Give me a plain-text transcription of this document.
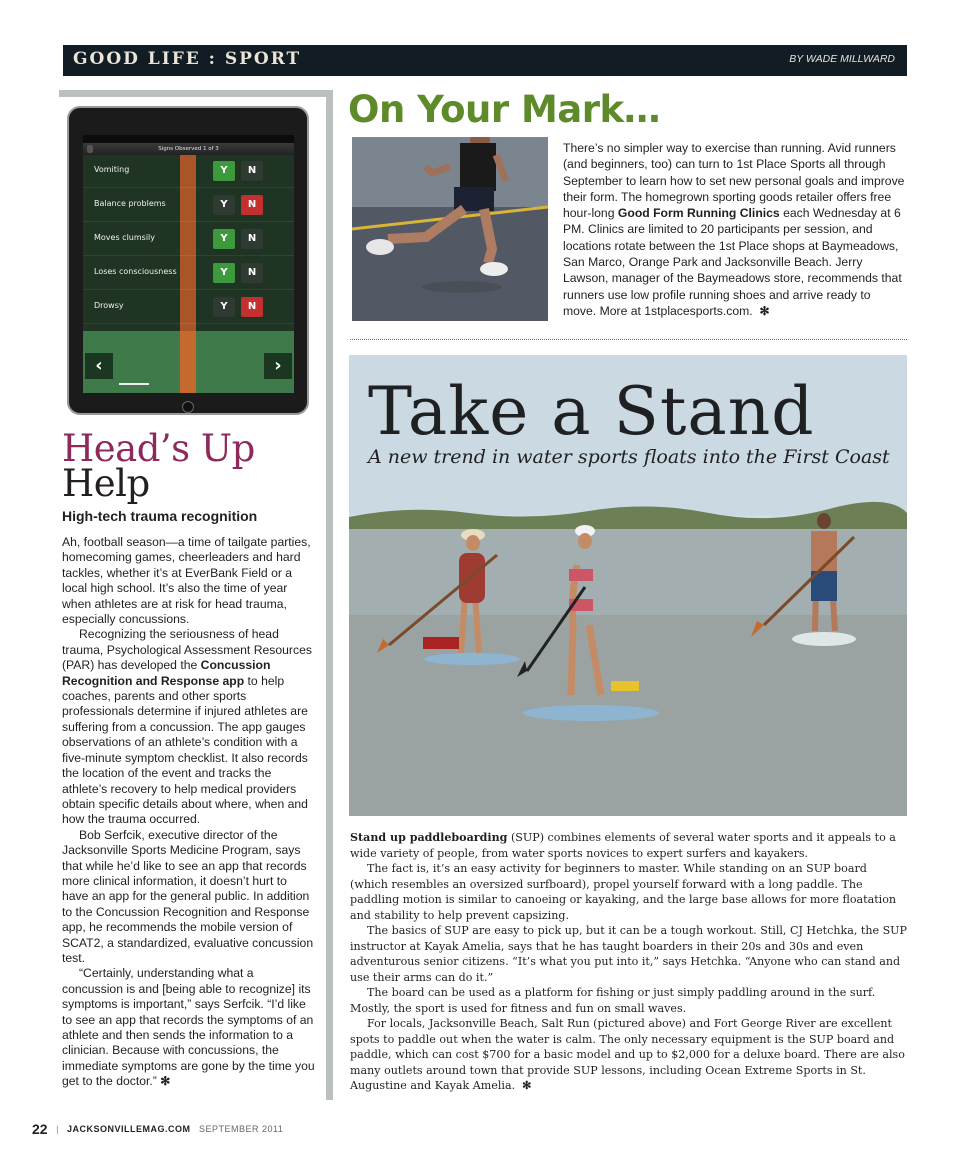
GOOD LIFE : SPORT	BY WADE MILLWARD
Signs Observed 1 of 3
Vomiting	Y	N
Balance problems	Y	N
Moves clumsily	Y	N
Loses consciousness	Y	N
Drowsy	Y	N
‹	›
Head’s Up
Help
High-tech trauma recognition

Ah, football season—a time of tailgate parties, homecoming games, cheerleaders and hard tackles, whether it’s at EverBank Field or a local high school. It’s also the time of year when athletes are at risk for head trauma, especially concussions.

Recognizing the seriousness of head trauma, Psychological Assessment Resources (PAR) has developed the Concussion Recognition and Response app to help coaches, parents and other sports professionals determine if injured athletes are suffering from a concussion. The app gauges observations of an athlete’s condition with a five-minute symptom checklist. It also records the location of the event and tracks the athlete’s recovery to help medical providers obtain specific details about where, when and how the trauma occurred.

Bob Serfcik, executive director of the Jacksonville Sports Medicine Program, says that while he’d like to see an app that records more clinical information, it doesn’t hurt to have an app for the general public. In addition to the Concussion Recognition and Response app, he recommends the mobile version of SCAT2, a standardized, evaluative concussion test.

“Certainly, understanding what a concussion is and [being able to recognize] its symptoms is important,” says Serfcik. “I’d like to see an app that records the symptoms of an athlete and then sends the information to a clinician. Because with concussions, the immediate symptoms are gone by the time you get to the doctor.” ✻

On Your Mark…
There’s no simpler way to exercise than running. Avid runners (and beginners, too) can turn to 1st Place Sports all through September to learn how to set new personal goals and improve their form. The homegrown sporting goods retailer offers free hour-long Good Form Running Clinics each Wednesday at 6 PM. Clinics are limited to 20 participants per session, and locations rotate between the 1st Place shops at Baymeadows, San Marco, Orange Park and Jacksonville Beach. Jerry Lawson, manager of the Baymeadows store, recommends that runners use low profile running shoes and arrive ready to move. More at 1stplacesports.com. ✻
Take a Stand
A new trend in water sports floats into the First Coast

Stand up paddleboarding (SUP) combines elements of several water sports and it appeals to a wide variety of people, from water sports novices to expert surfers and kayakers.

The fact is, it’s an easy activity for beginners to master. While standing on an SUP board (which resembles an oversized surfboard), propel yourself forward with a long paddle. The paddling motion is similar to canoeing or kayaking, and the large base allows for more floatation and stability to help prevent capsizing.

The basics of SUP are easy to pick up, but it can be a tough workout. Still, CJ Hetchka, the SUP instructor at Kayak Amelia, says that he has taught boarders in their 20s and 30s and even adventurous senior citizens. “It’s what you put into it,” says Hetchka. “Anyone who can stand and use their arms can do it.”

The board can be used as a platform for fishing or just simply paddling around in the surf. Mostly, the sport is used for fitness and fun on small waves.

For locals, Jacksonville Beach, Salt Run (pictured above) and Fort George River are excellent spots to paddle out when the water is calm. The only necessary equipment is the SUP board and paddle, which can cost $700 for a basic model and up to $2,000 for a deluxe board. There are also many outlets around town that provide SUP lessons, including Ocean Extreme Sports in St. Augustine and Kayak Amelia. ✻

22 | JACKSONVILLEMAG.COM SEPTEMBER 2011
